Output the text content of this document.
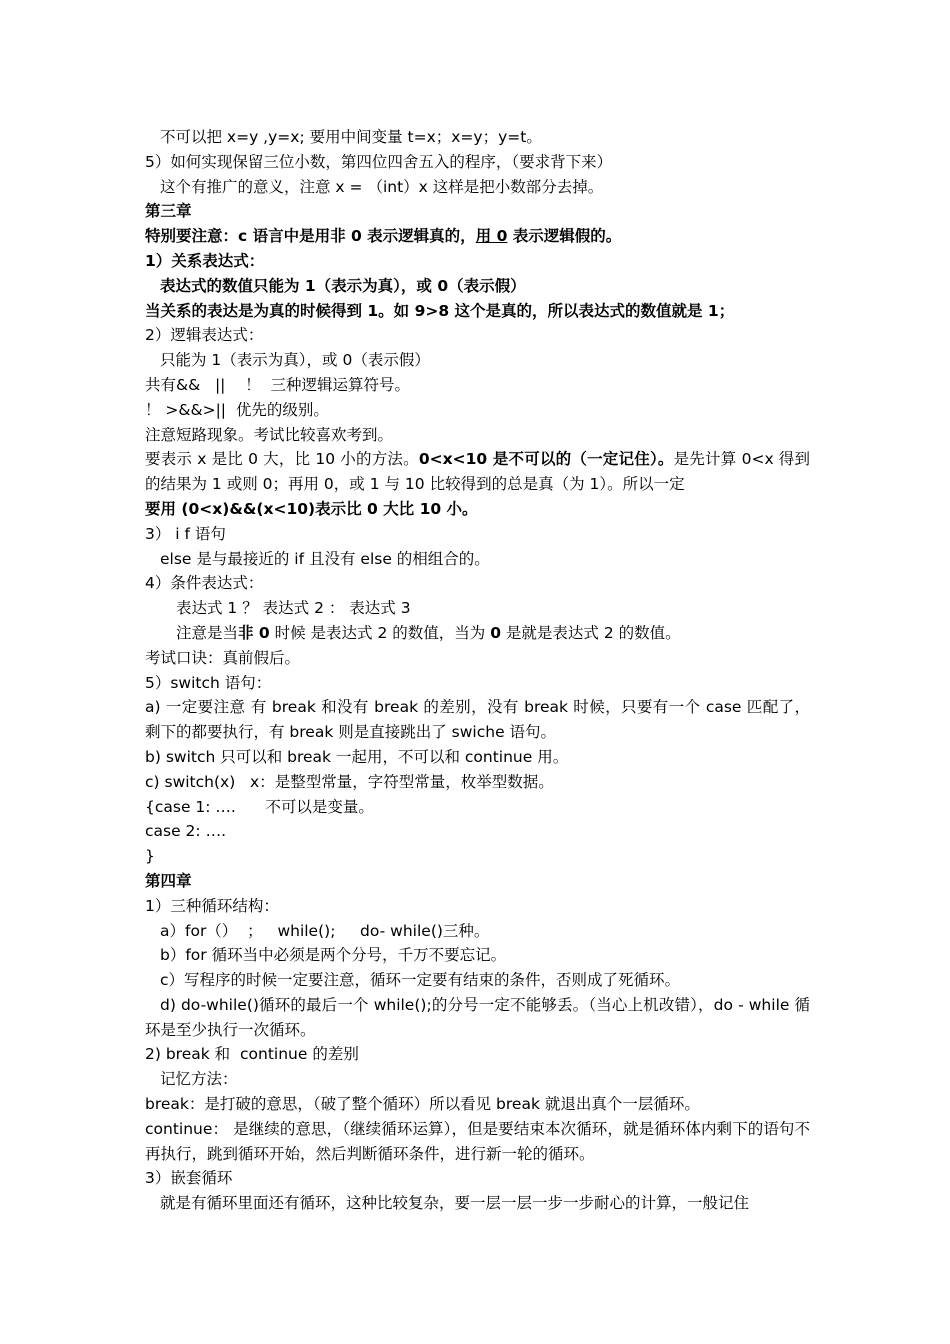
不可以把 x=y ,y=x; 要用中间变量 t=x；x=y；y=t。
5）如何实现保留三位小数，第四位四舍五入的程序，（要求背下来）
这个有推广的意义，注意 x = （int）x 这样是把小数部分去掉。
第三章
特别要注意：c 语言中是用非 0 表示逻辑真的，用 0 表示逻辑假的。
1）关系表达式：
表达式的数值只能为 1（表示为真），或 0（表示假）
当关系的表达是为真的时候得到 1。如 9>8 这个是真的，所以表达式的数值就是 1；
2）逻辑表达式：
只能为 1（表示为真），或 0（表示假）
共有&&   ||    ！  三种逻辑运算符号。
！ >&&>||  优先的级别。
注意短路现象。考试比较喜欢考到。
要表示 x 是比 0 大，比 10 小的方法。0<x<10 是不可以的（一定记住）。是先计算 0<x 得到的结果为 1 或则 0；再用 0，或 1 与 10 比较得到的总是真（为 1）。所以一定
要用 (0<x)&&(x<10)表示比 0 大比 10 小。
3） i f 语句
else 是与最接近的 if 且没有 else 的相组合的。
4）条件表达式：
表达式 1 ？ 表达式 2 ： 表达式 3
注意是当非 0 时候 是表达式 2 的数值，当为 0 是就是表达式 2 的数值。
考试口诀：真前假后。
5）switch 语句：
a) 一定要注意 有 break 和没有 break 的差别，没有 break 时候，只要有一个 case 匹配了，剩下的都要执行，有 break 则是直接跳出了 swiche 语句。
b) switch 只可以和 break 一起用，不可以和 continue 用。
c) switch(x)   x：是整型常量，字符型常量，枚举型数据。
{case 1: ….      不可以是变量。
case 2: ….
}
第四章
1）三种循环结构：
a）for（）  ；   while();     do- while()三种。
b）for 循环当中必须是两个分号，千万不要忘记。
c）写程序的时候一定要注意，循环一定要有结束的条件，否则成了死循环。
d) do-while()循环的最后一个 while();的分号一定不能够丢。（当心上机改错），do - while 循环是至少执行一次循环。
2) break 和  continue 的差别
记忆方法：
break：是打破的意思，（破了整个循环）所以看见 break 就退出真个一层循环。
continue： 是继续的意思，（继续循环运算），但是要结束本次循环，就是循环体内剩下的语句不再执行，跳到循环开始，然后判断循环条件，进行新一轮的循环。
3）嵌套循环
就是有循环里面还有循环，这种比较复杂，要一层一层一步一步耐心的计算，一般记住
